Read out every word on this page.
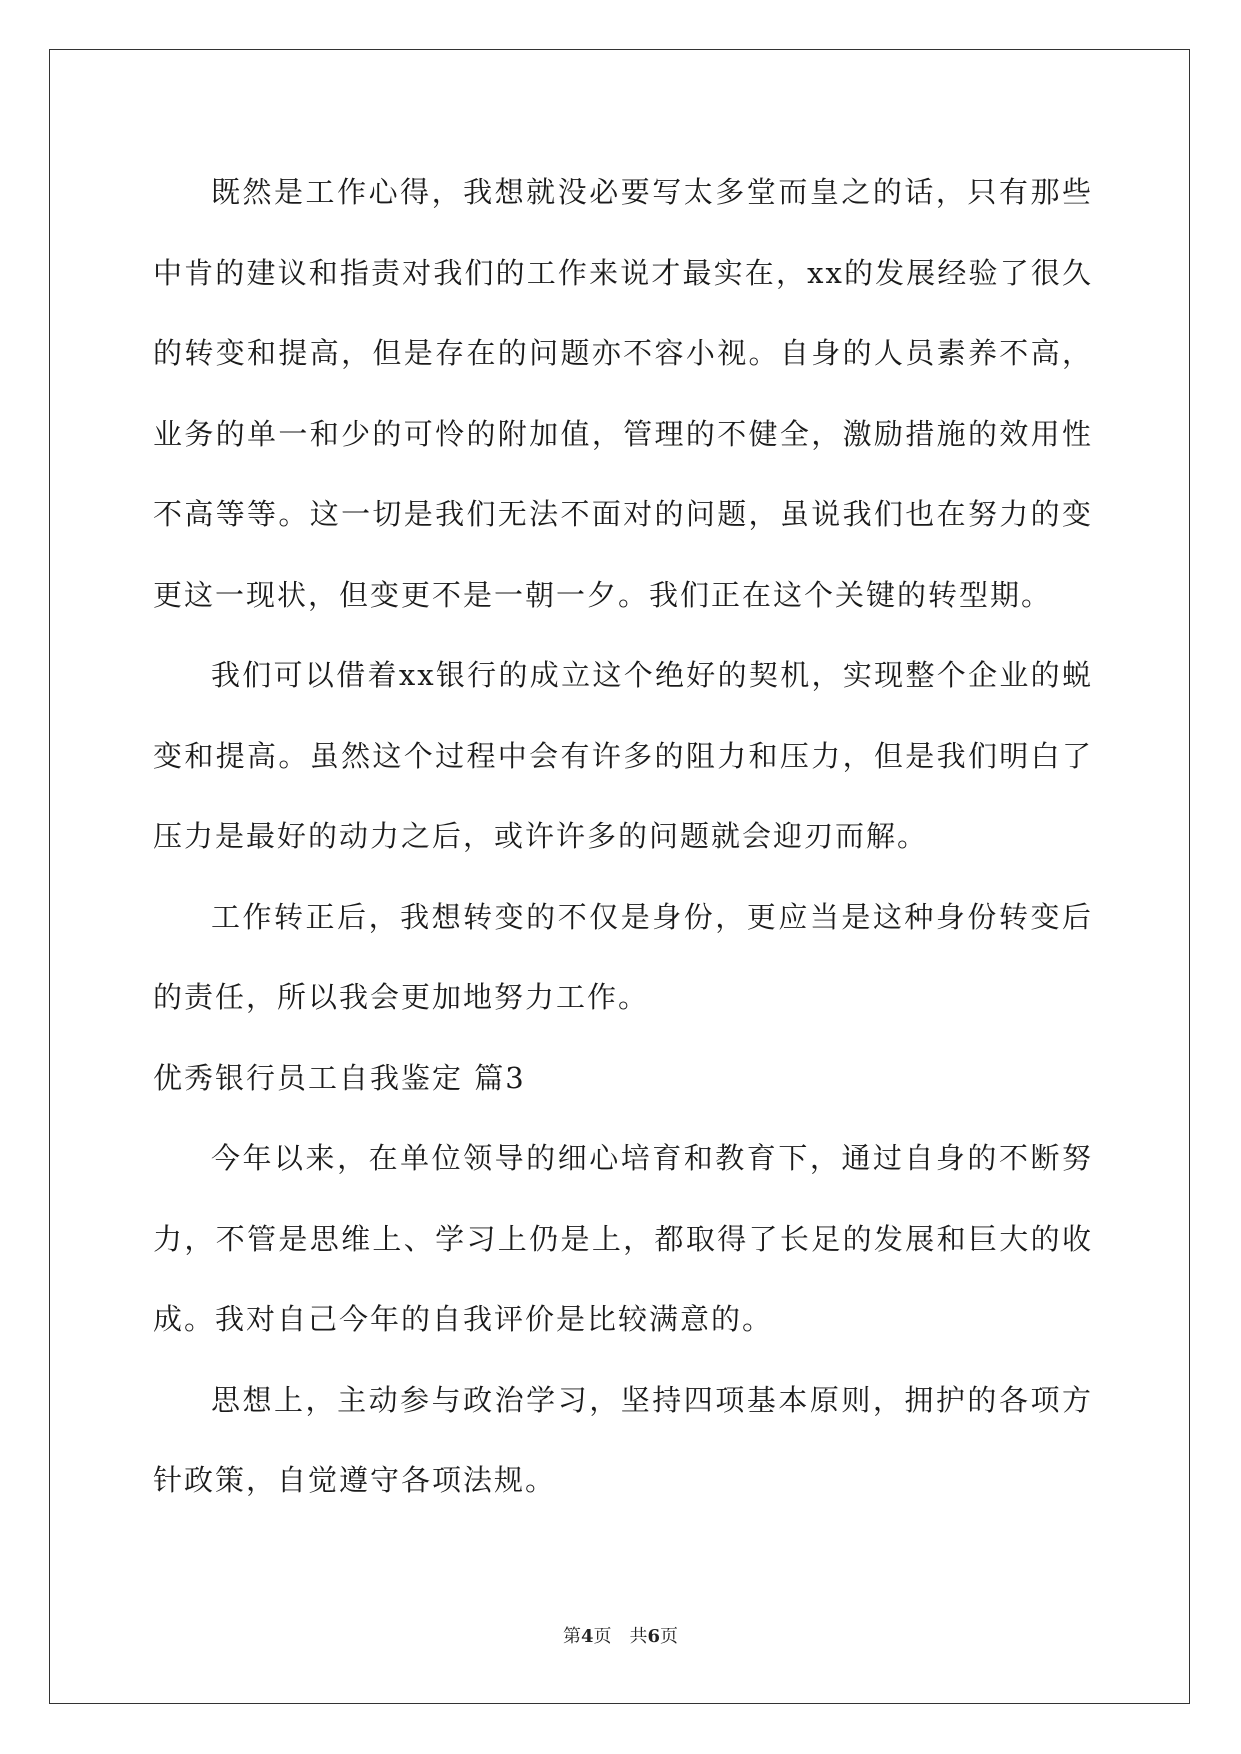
既然是工作心得，我想就没必要写太多堂而皇之的话，只有那些中肯的建议和指责对我们的工作来说才最实在，xx的发展经验了很久的转变和提高，但是存在的问题亦不容小视。自身的人员素养不高，业务的单一和少的可怜的附加值，管理的不健全，激励措施的效用性不高等等。这一切是我们无法不面对的问题，虽说我们也在努力的变更这一现状，但变更不是一朝一夕。我们正在这个关键的转型期。

我们可以借着xx银行的成立这个绝好的契机，实现整个企业的蜕变和提高。虽然这个过程中会有许多的阻力和压力，但是我们明白了压力是最好的动力之后，或许许多的问题就会迎刃而解。

工作转正后，我想转变的不仅是身份，更应当是这种身份转变后的责任，所以我会更加地努力工作。

优秀银行员工自我鉴定 篇3

今年以来，在单位领导的细心培育和教育下，通过自身的不断努力，不管是思维上、学习上仍是上，都取得了长足的发展和巨大的收成。我对自己今年的自我评价是比较满意的。

思想上，主动参与政治学习，坚持四项基本原则，拥护的各项方针政策，自觉遵守各项法规。

第4页 共6页
